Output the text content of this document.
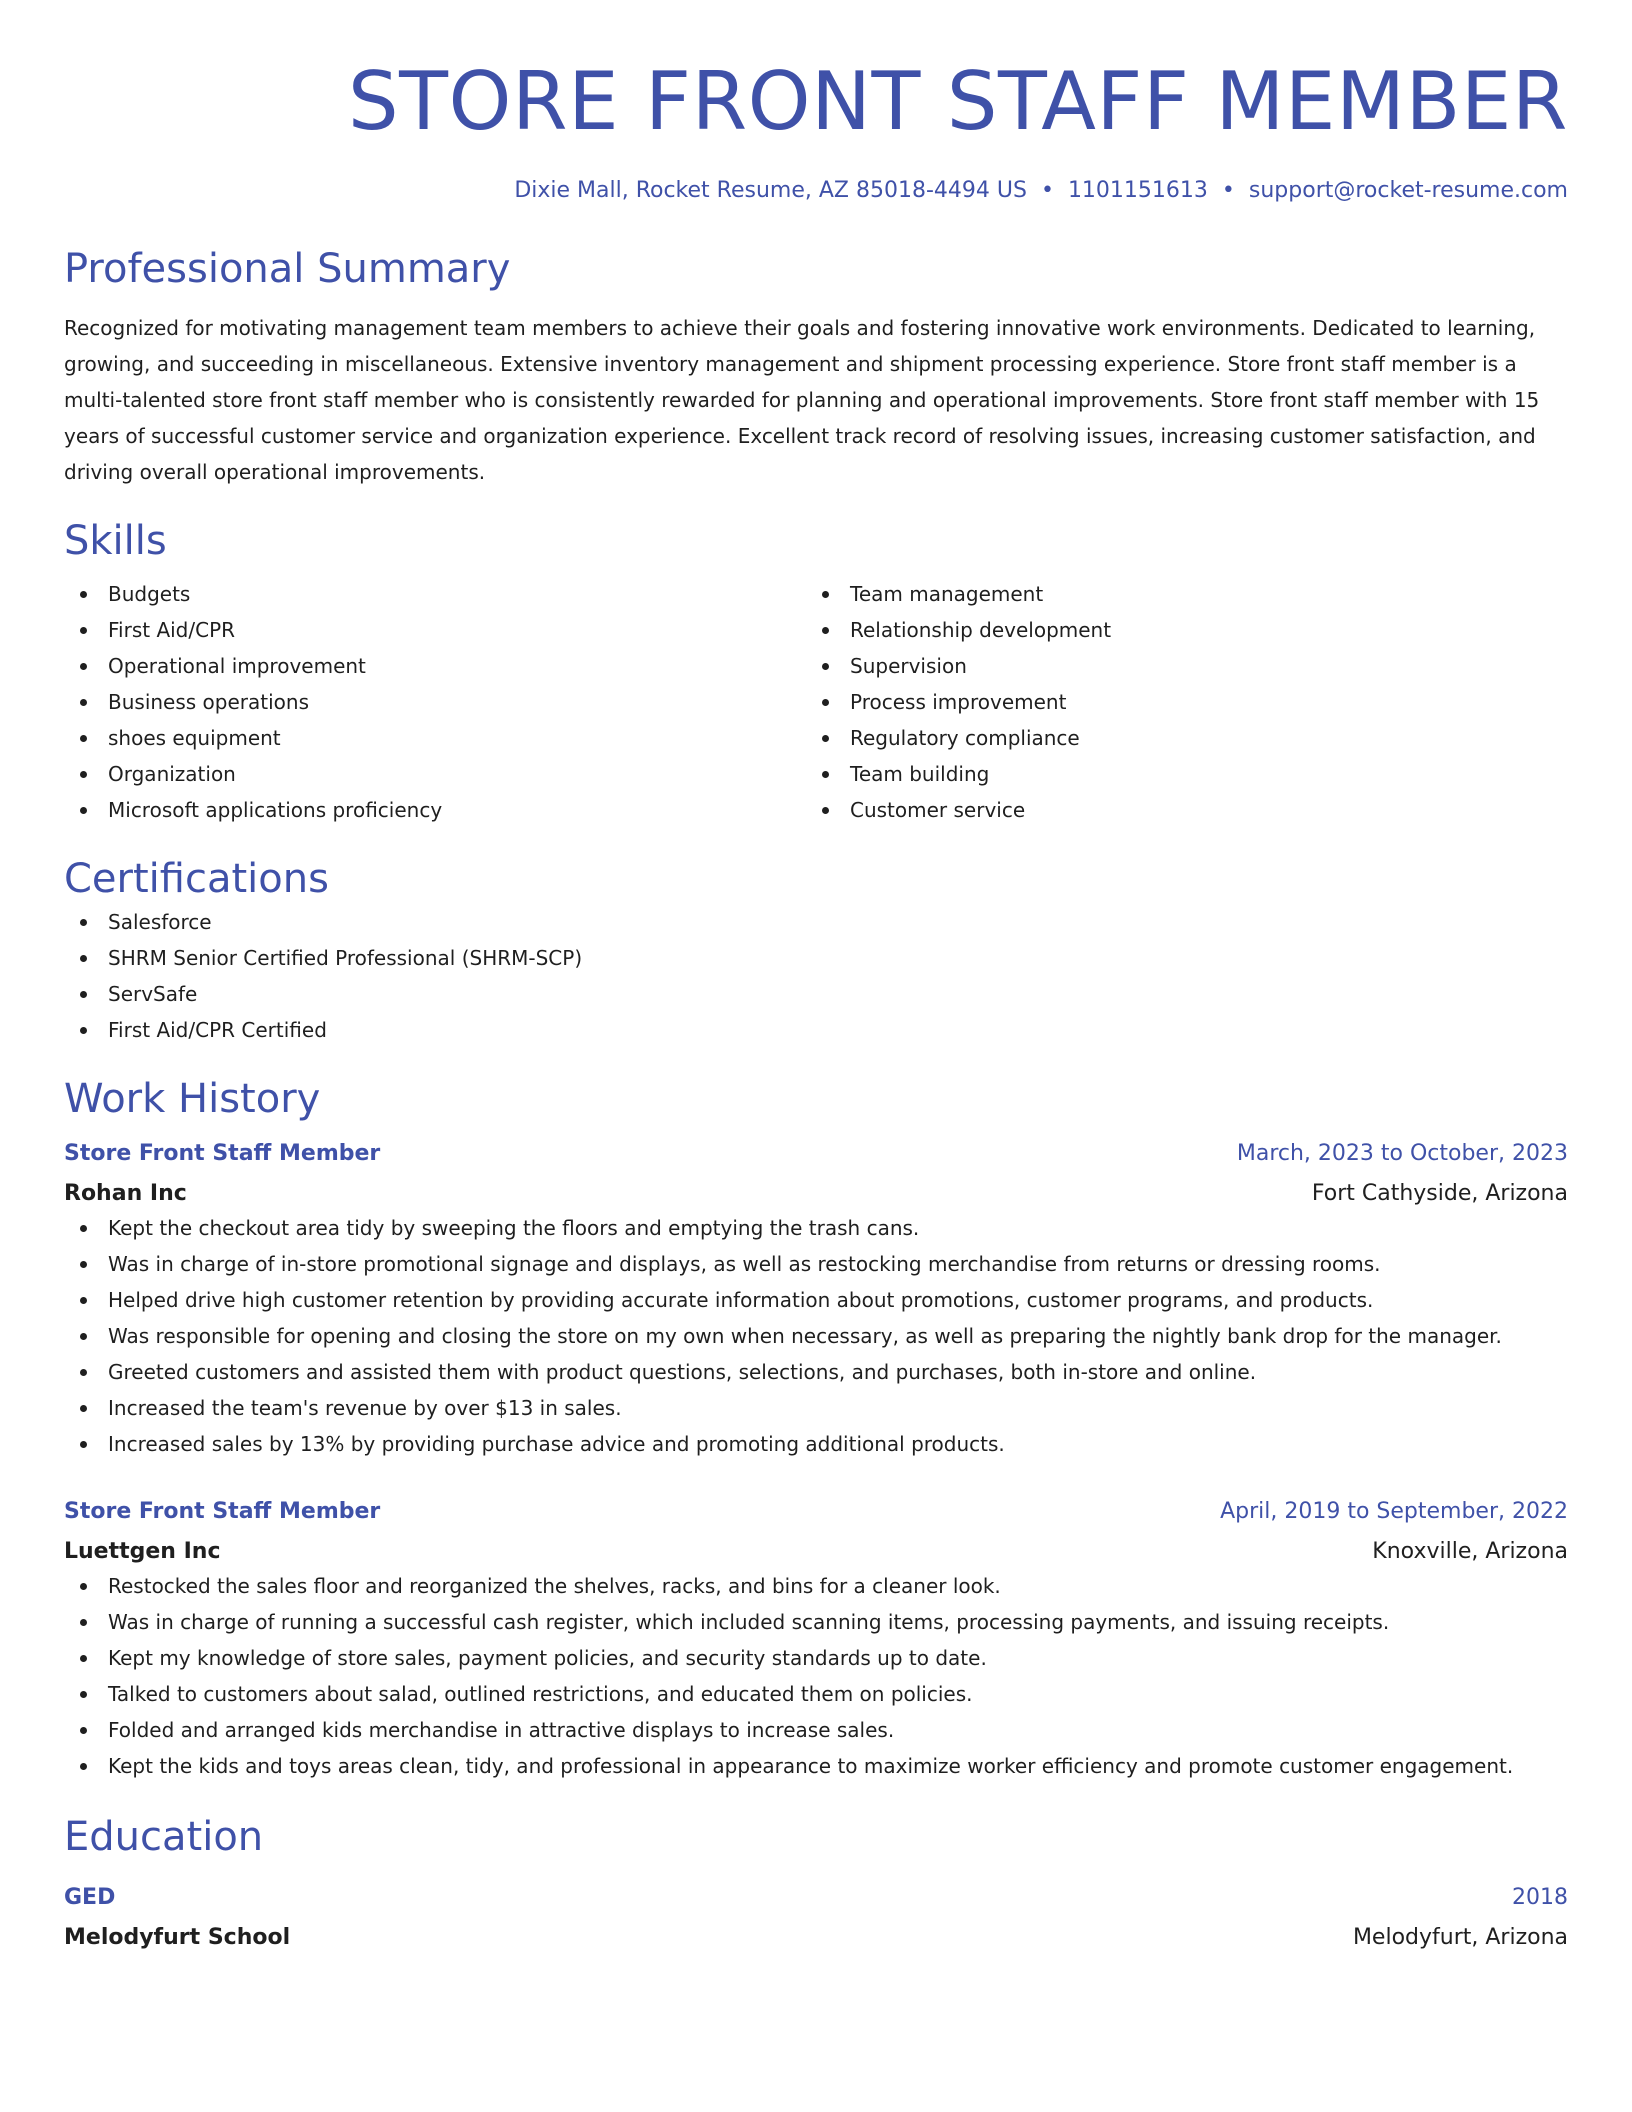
STORE FRONT STAFF MEMBER
Dixie Mall, Rocket Resume, AZ 85018-4494 US • 1101151613 • support@rocket-resume.com
Professional Summary

Recognized for motivating management team members to achieve their goals and fostering innovative work environments. Dedicated to learning, growing, and succeeding in miscellaneous. Extensive inventory management and shipment processing experience. Store front staff member is a multi-talented store front staff member who is consistently rewarded for planning and operational improvements. Store front staff member with 15 years of successful customer service and organization experience. Excellent track record of resolving issues, increasing customer satisfaction, and driving overall operational improvements.

Skills
Budgets
First Aid/CPR
Operational improvement
Business operations
shoes equipment
Organization
Microsoft applications proficiency
Team management
Relationship development
Supervision
Process improvement
Regulatory compliance
Team building
Customer service
Certifications
Salesforce
SHRM Senior Certified Professional (SHRM-SCP)
ServSafe
First Aid/CPR Certified
Work History
Store Front Staff Member	March, 2023 to October, 2023
Rohan Inc	Fort Cathyside, Arizona
Kept the checkout area tidy by sweeping the floors and emptying the trash cans.
Was in charge of in-store promotional signage and displays, as well as restocking merchandise from returns or dressing rooms.
Helped drive high customer retention by providing accurate information about promotions, customer programs, and products.
Was responsible for opening and closing the store on my own when necessary, as well as preparing the nightly bank drop for the manager.
Greeted customers and assisted them with product questions, selections, and purchases, both in-store and online.
Increased the team's revenue by over $13 in sales.
Increased sales by 13% by providing purchase advice and promoting additional products.
Store Front Staff Member	April, 2019 to September, 2022
Luettgen Inc	Knoxville, Arizona
Restocked the sales floor and reorganized the shelves, racks, and bins for a cleaner look.
Was in charge of running a successful cash register, which included scanning items, processing payments, and issuing receipts.
Kept my knowledge of store sales, payment policies, and security standards up to date.
Talked to customers about salad, outlined restrictions, and educated them on policies.
Folded and arranged kids merchandise in attractive displays to increase sales.
Kept the kids and toys areas clean, tidy, and professional in appearance to maximize worker efficiency and promote customer engagement.
Education
GED	2018
Melodyfurt School	Melodyfurt, Arizona
